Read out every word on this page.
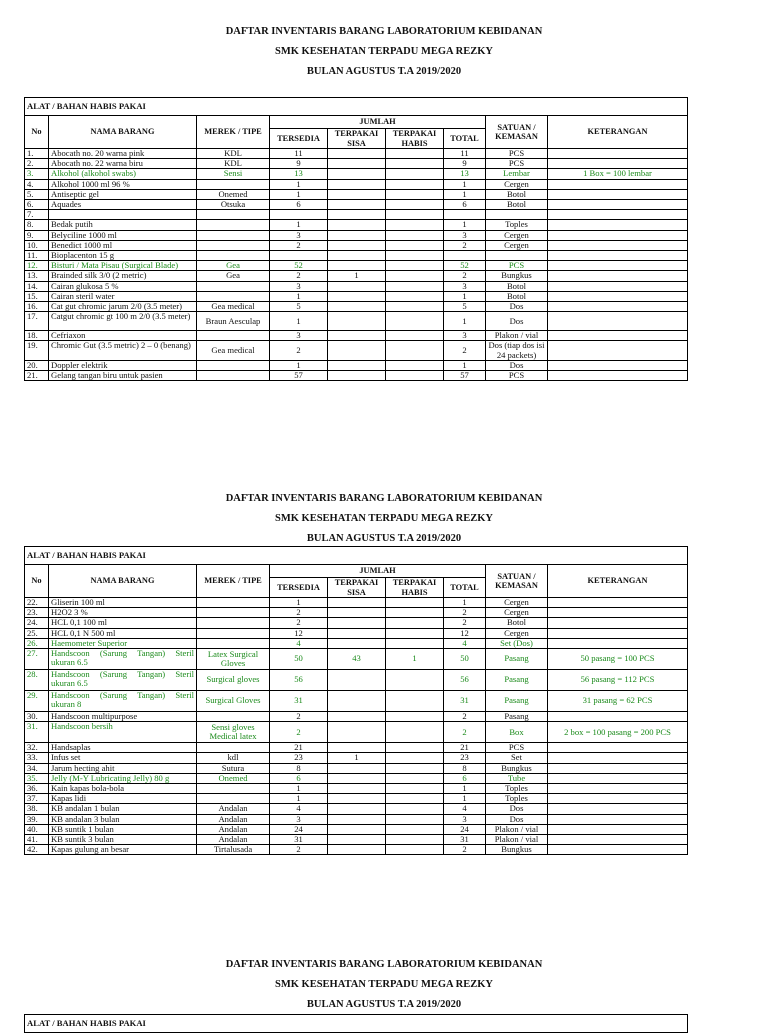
DAFTAR INVENTARIS BARANG LABORATORIUM KEBIDANAN
SMK KESEHATAN TERPADU MEGA REZKY
BULAN AGUSTUS T.A 2019/2020
ALAT / BAHAN HABIS PAKAI								
No	NAMA BARANG	MEREK / TIPE	JUMLAH				SATUAN / KEMASAN	KETERANGAN
			TERSEDIA	TERPAKAI SISA	TERPAKAI HABIS	TOTAL		
1.	Abocath no. 20 warna pink	KDL	11			11	PCS	
2.	Abocath no. 22 warna biru	KDL	9			9	PCS	
3.	Alkohol (alkohol swabs)	Sensi	13			13	Lembar	1 Box = 100 lembar
4.	Alkohol 1000 ml 96 %		1			1	Cergen	
5.	Antiseptic gel	Onemed	1			1	Botol	
6.	Aquades	Otsuka	6			6	Botol	
7.								
8.	Bedak putih		1			1	Toples	
9.	Belyciline 1000 ml		3			3	Cergen	
10.	Benedict 1000 ml		2			2	Cergen	
11.	Bioplacenton 15 g							
12.	Bisturi / Mata Pisau (Surgical Blade)	Gea	52			52	PCS	
13.	Brainded silk 3/0 (2 metric)	Gea	2	1		2	Bungkus	
14.	Cairan glukosa 5 %		3			3	Botol	
15.	Cairan steril water		1			1	Botol	
16.	Cat gut chromic jarum 2/0 (3.5 meter)	Gea medical	5			5	Dos	
17.	Catgut chromic gt 100 m 2/0 (3.5 meter)	Braun Aesculap	1			1	Dos	
18.	Cefriaxon		3			3	Plakon / vial	
19.	Chromic Gut (3.5 metric) 2 – 0 (benang)	Gea medical	2			2	Dos (tiap dos isi 24 packets)	
20.	Doppler elektrik		1			1	Dos	
21.	Gelang tangan biru untuk pasien		57			57	PCS	
DAFTAR INVENTARIS BARANG LABORATORIUM KEBIDANAN
SMK KESEHATAN TERPADU MEGA REZKY
BULAN AGUSTUS T.A 2019/2020
ALAT / BAHAN HABIS PAKAI								
No	NAMA BARANG	MEREK / TIPE	JUMLAH				SATUAN / KEMASAN	KETERANGAN
			TERSEDIA	TERPAKAI SISA	TERPAKAI HABIS	TOTAL		
22.	Gliserin 100 ml		1			1	Cergen	
23.	H2O2 3 %		2			2	Cergen	
24.	HCL 0,1 100 ml		2			2	Botol	
25.	HCL 0,1 N 500 ml		12			12	Cergen	
26.	Haemometer Superior		4			4	Set (Dos)	
27.	Handscoon (Sarung Tangan) Steril ukuran 6.5	Latex Surgical Gloves	50	43	1	50	Pasang	50 pasang = 100 PCS
28.	Handscoon (Sarung Tangan) Steril ukuran 6.5	Surgical gloves	56			56	Pasang	56 pasang = 112 PCS
29.	Handscoon (Sarung Tangan) Steril ukuran 8	Surgical Gloves	31			31	Pasang	31 pasang = 62 PCS
30.	Handscoon multipurpose		2			2	Pasang	
31.	Handscoon bersih	Sensi gloves Medical latex	2			2	Box	2 box = 100 pasang = 200 PCS
32.	Handsaplas		21			21	PCS	
33.	Infus set	kdl	23	1		23	Set	
34.	Jarum hecting ahit	Sutura	8			8	Bungkus	
35.	Jelly (M-Y Lubricating Jelly) 80 g	Onemed	6			6	Tube	
36.	Kain kapas bola-bola		1			1	Toples	
37.	Kapas lidi		1			1	Toples	
38.	KB andalan 1 bulan	Andalan	4			4	Dos	
39.	KB andalan 3 bulan	Andalan	3			3	Dos	
40.	KB suntik 1 bulan	Andalan	24			24	Plakon / vial	
41.	KB suntik 3 bulan	Andalan	31			31	Plakon / vial	
42.	Kapas gulung an besar	Tirtalusada	2			2	Bungkus	
DAFTAR INVENTARIS BARANG LABORATORIUM KEBIDANAN
SMK KESEHATAN TERPADU MEGA REZKY
BULAN AGUSTUS T.A 2019/2020
ALAT / BAHAN HABIS PAKAI
